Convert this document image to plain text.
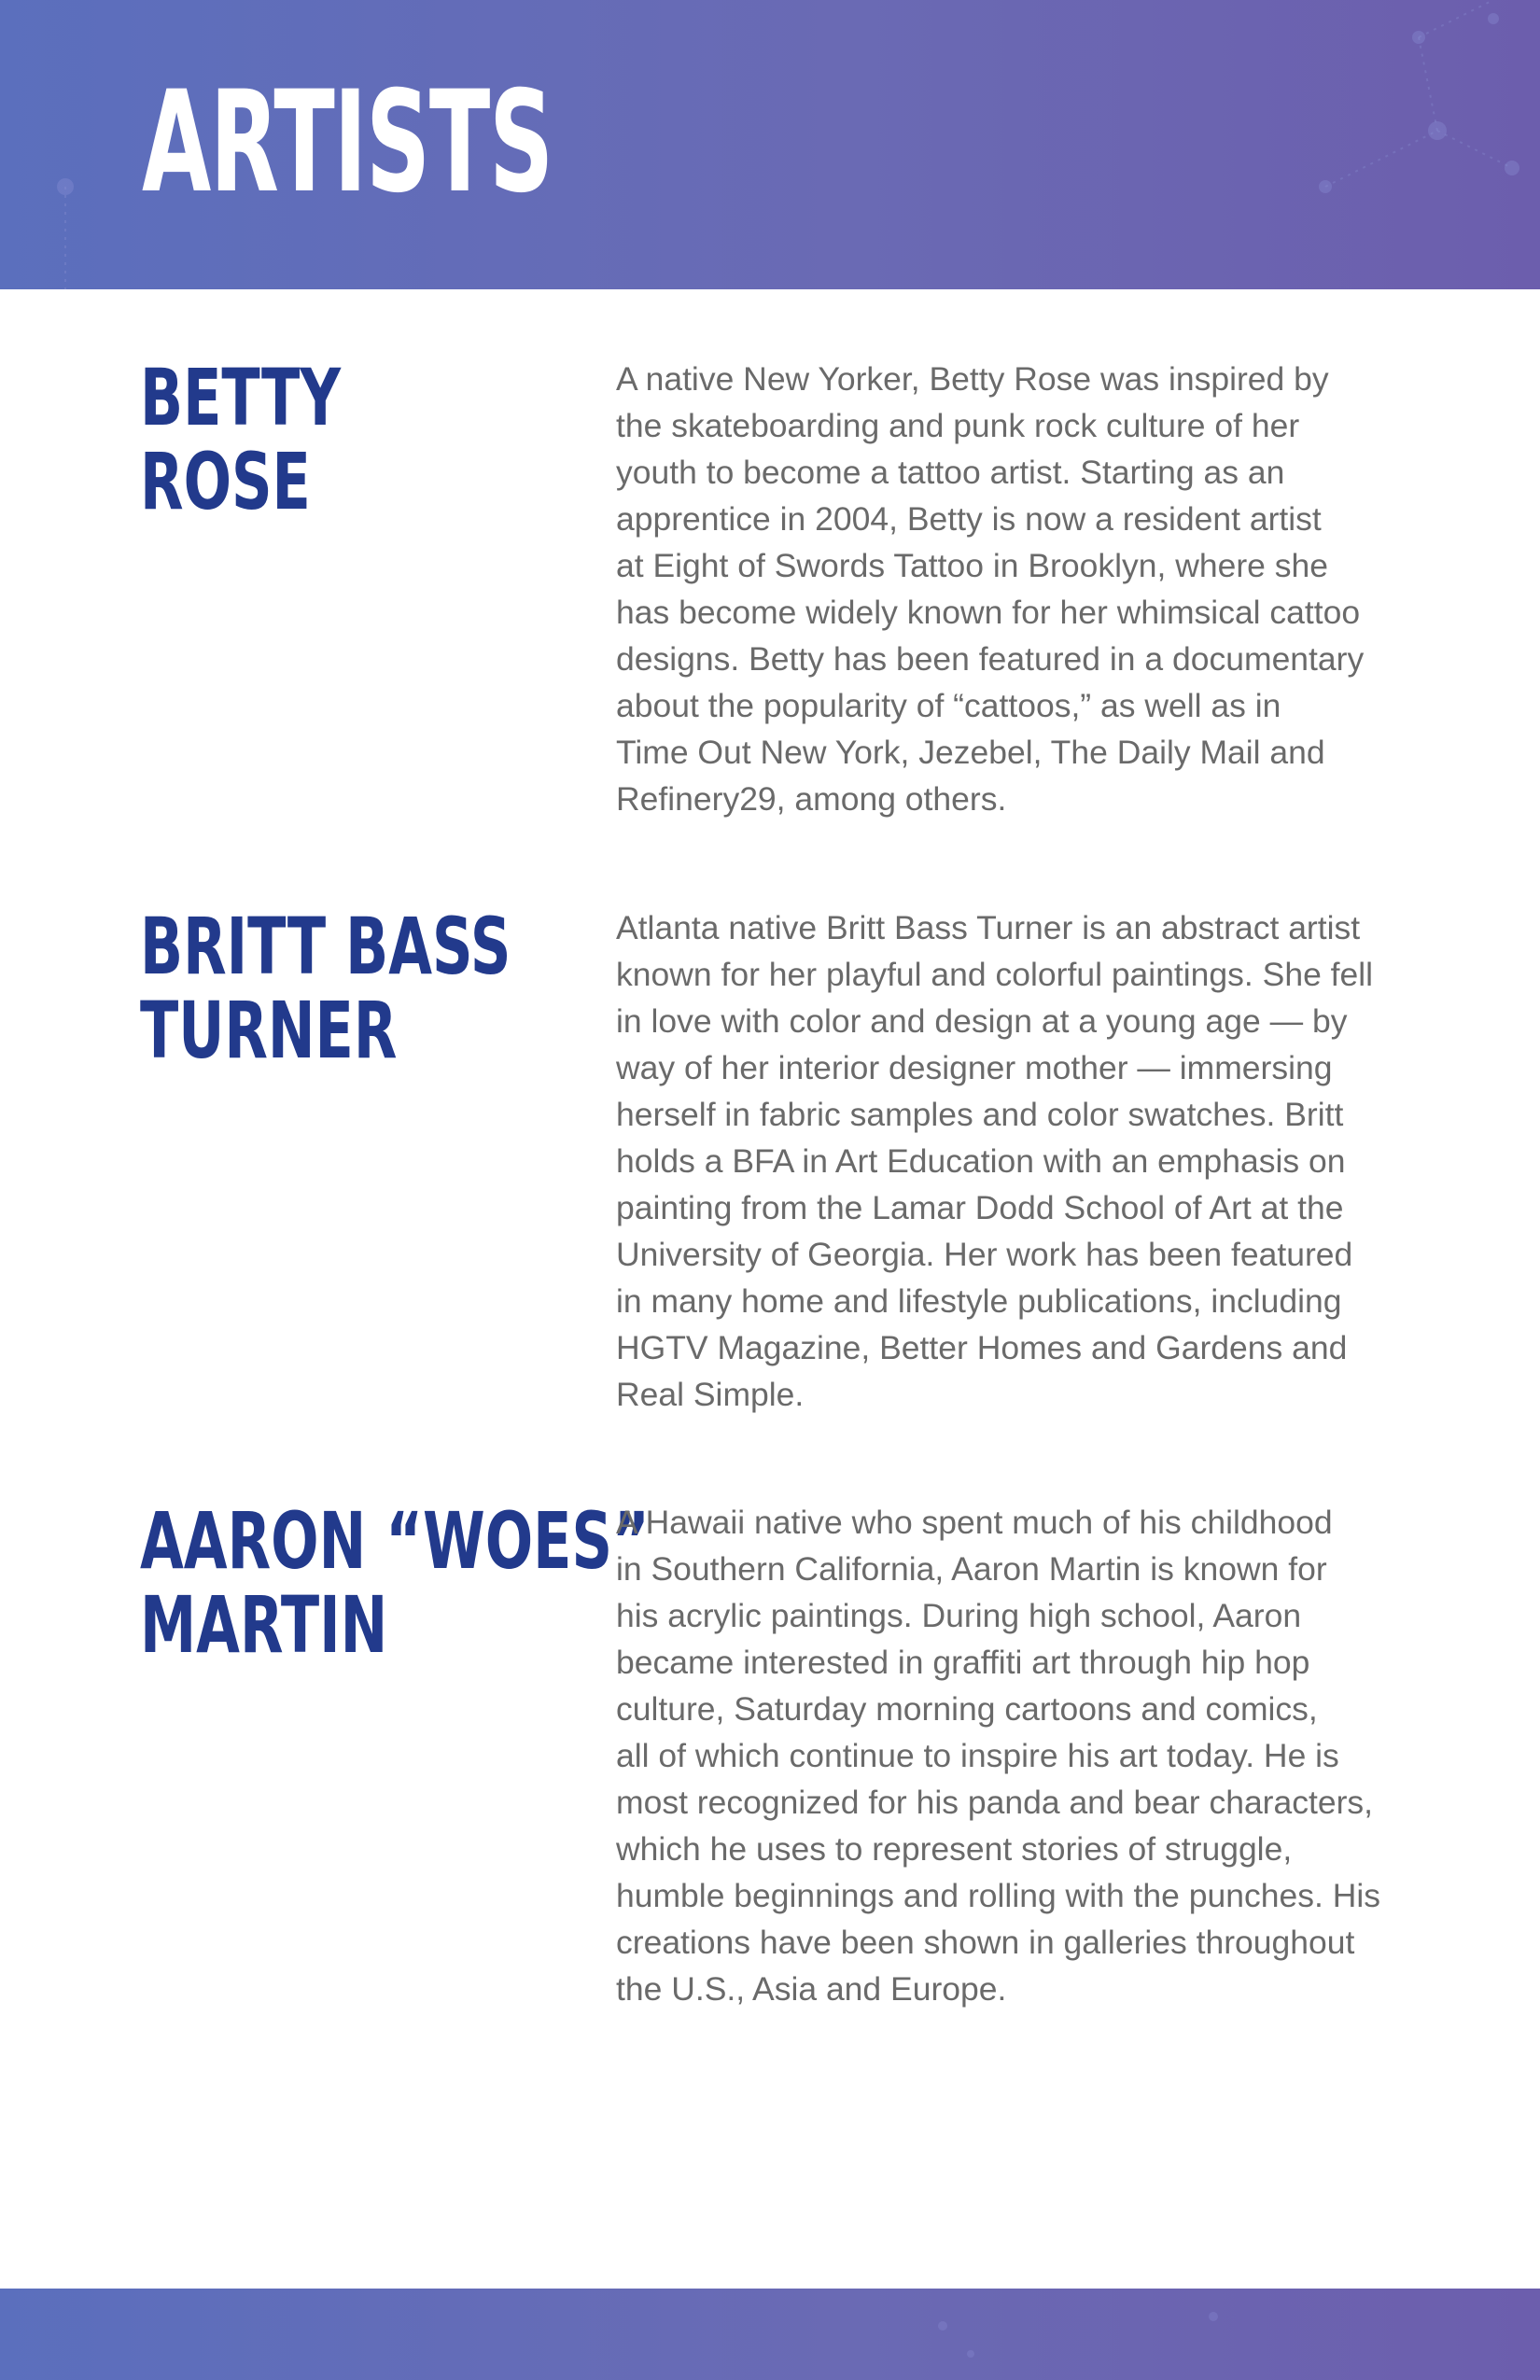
ARTISTS
BETTY
ROSE

A native New Yorker, Betty Rose was inspired by
the skateboarding and punk rock culture of her
youth to become a tattoo artist. Starting as an
apprentice in 2004, Betty is now a resident artist
at Eight of Swords Tattoo in Brooklyn, where she
has become widely known for her whimsical cattoo
designs. Betty has been featured in a documentary
about the popularity of “cattoos,” as well as in
Time Out New York, Jezebel, The Daily Mail and
Refinery29, among others.

BRITT BASS
TURNER

Atlanta native Britt Bass Turner is an abstract artist
known for her playful and colorful paintings. She fell
in love with color and design at a young age — by
way of her interior designer mother — immersing
herself in fabric samples and color swatches. Britt
holds a BFA in Art Education with an emphasis on
painting from the Lamar Dodd School of Art at the
University of Georgia. Her work has been featured
in many home and lifestyle publications, including
HGTV Magazine, Better Homes and Gardens and
Real Simple.

AARON “WOES”
MARTIN

A Hawaii native who spent much of his childhood
in Southern California, Aaron Martin is known for
his acrylic paintings. During high school, Aaron
became interested in graffiti art through hip hop
culture, Saturday morning cartoons and comics,
all of which continue to inspire his art today. He is
most recognized for his panda and bear characters,
which he uses to represent stories of struggle,
humble beginnings and rolling with the punches. His
creations have been shown in galleries throughout
the U.S., Asia and Europe.
